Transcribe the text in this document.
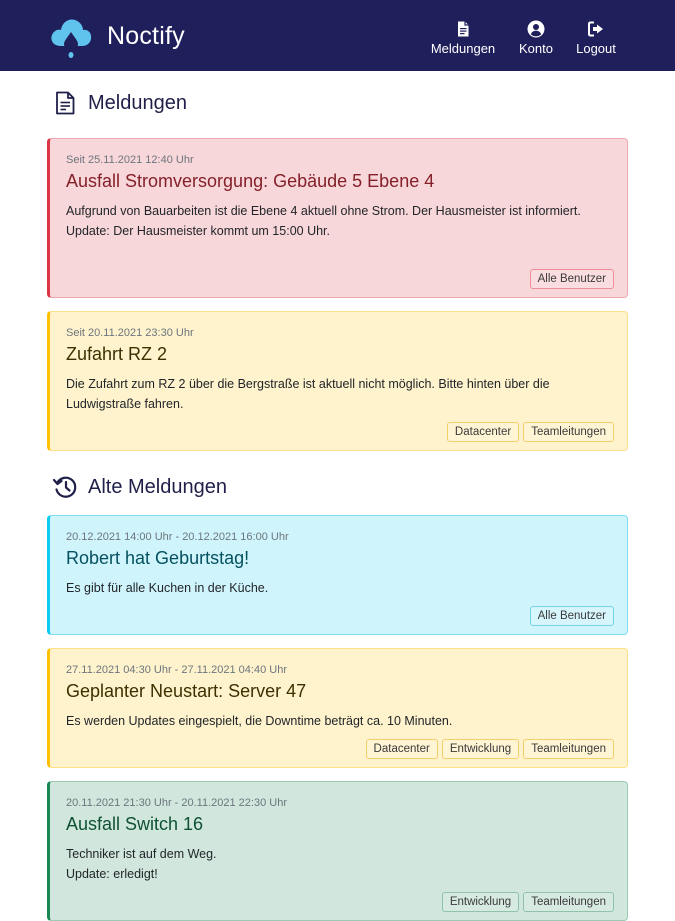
Noctify	Meldungen	Konto	Logout
Meldungen
Seit 25.11.2021 12:40 Uhr
Ausfall Stromversorgung: Gebäude 5 Ebene 4
Aufgrund von Bauarbeiten ist die Ebene 4 aktuell ohne Strom. Der Hausmeister ist informiert.
Update: Der Hausmeister kommt um 15:00 Uhr.
Alle Benutzer
Seit 20.11.2021 23:30 Uhr
Zufahrt RZ 2
Die Zufahrt zum RZ 2 über die Bergstraße ist aktuell nicht möglich. Bitte hinten über die Ludwigstraße fahren.
Datacenter	Teamleitungen
Alte Meldungen
20.12.2021 14:00 Uhr - 20.12.2021 16:00 Uhr
Robert hat Geburtstag!
Es gibt für alle Kuchen in der Küche.
Alle Benutzer
27.11.2021 04:30 Uhr - 27.11.2021 04:40 Uhr
Geplanter Neustart: Server 47
Es werden Updates eingespielt, die Downtime beträgt ca. 10 Minuten.
Datacenter	Entwicklung	Teamleitungen
20.11.2021 21:30 Uhr - 20.11.2021 22:30 Uhr
Ausfall Switch 16
Techniker ist auf dem Weg.
Update: erledigt!
Entwicklung	Teamleitungen
